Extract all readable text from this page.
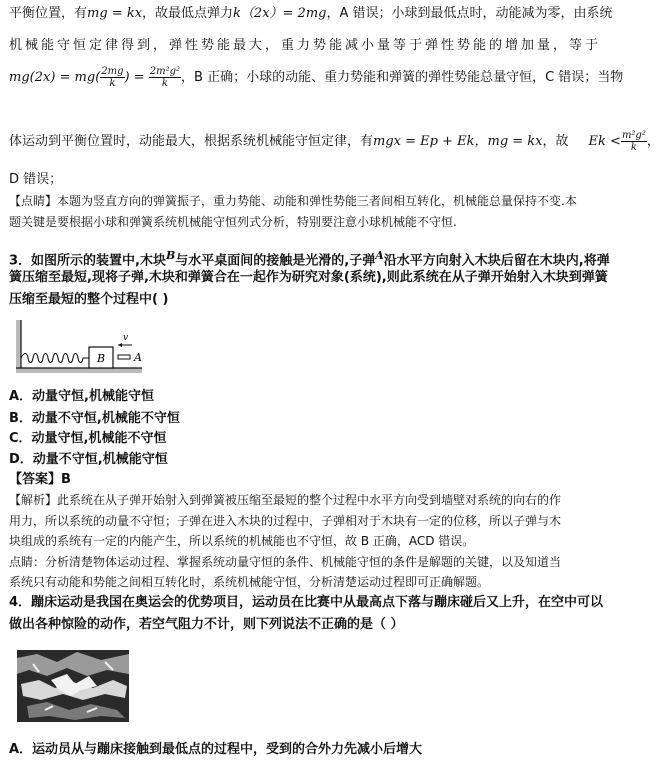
平衡位置，有mg = kx，故最低点弹力k（2x）= 2mg，A 错误；小球到最低点时，动能减为零，由系统
机械能守恒定律得到，弹性势能最大，重力势能减小量等于弹性势能的增加量，等于
$mg(2x) = mg( \frac{2mg}{k}$ ) = $\frac{\text{2m²g²}}{k}$ ，B 正确；小球的动能、重力势能和弹簧的弹性势能总量守恒，C 错误；当物
体运动到平衡位置时，动能最大，根据系统机械能守恒定律，有mgx = Ep + Ek，mg = kx，故 $Ek < \frac{\text{m²g²}}{k}$ ，
D 错误；
【点睛】本题为竖直方向的弹簧振子，重力势能、动能和弹性势能三者间相互转化，机械能总量保持不变.本
题关键是要根据小球和弹簧系统机械能守恒列式分析，特别要注意小球机械能不守恒.
3．如图所示的装置中,木块$^B$与水平桌面间的接触是光滑的,子弹$^A$沿水平方向射入木块后留在木块内,将弹
簧压缩至最短,现将子弹,木块和弹簧合在一起作为研究对象(系统),则此系统在从子弹开始射入木块到弹簧
压缩至最短的整个过程中( )
B	A
v
A．动量守恒,机械能守恒
B．动量不守恒,机械能不守恒
C．动量守恒,机械能不守恒
D．动量不守恒,机械能守恒
【答案】B
【解析】此系统在从子弹开始射入到弹簧被压缩至最短的整个过程中水平方向受到墙壁对系统的向右的作
用力，所以系统的动量不守恒；子弹在进入木块的过程中，子弹相对于木块有一定的位移，所以子弹与木
块组成的系统有一定的内能产生，所以系统的机械能也不守恒，故 B 正确，ACD 错误。
点睛：分析清楚物体运动过程、掌握系统动量守恒的条件、机械能守恒的条件是解题的关键，以及知道当
系统只有动能和势能之间相互转化时，系统机械能守恒，分析清楚运动过程即可正确解题。
4．蹦床运动是我国在奥运会的优势项目，运动员在比赛中从最高点下落与蹦床碰后又上升，在空中可以
做出各种惊险的动作，若空气阻力不计，则下列说法不正确的是（ ）
A．运动员从与蹦床接触到最低点的过程中，受到的合外力先减小后增大
